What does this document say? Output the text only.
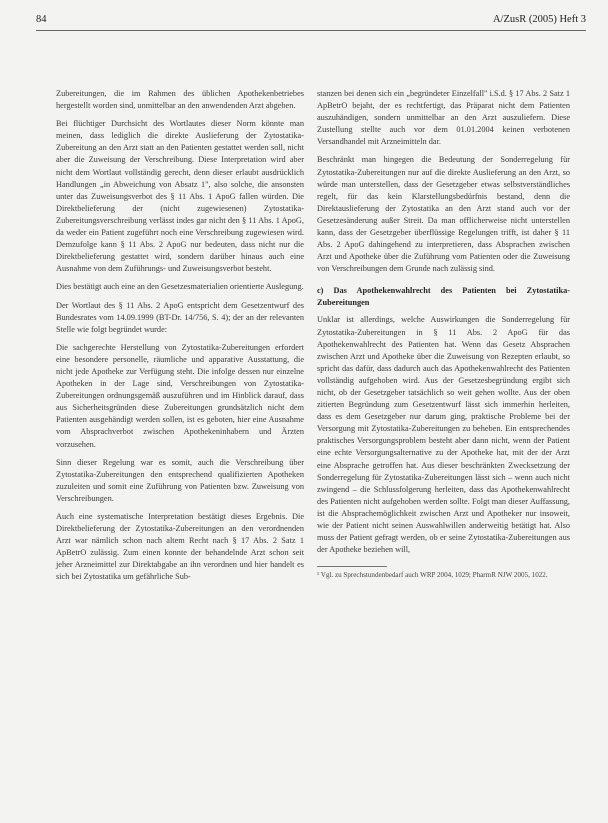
84	A/ZusR (2005) Heft 3

Zubereitungen, die im Rahmen des üblichen Apothekenbetriebes hergestellt worden sind, unmittelbar an den anwendenden Arzt abgeben.

Bei flüchtiger Durchsicht des Wortlautes dieser Norm könnte man meinen, dass lediglich die direkte Auslieferung der Zytostatika-Zubereitung an den Arzt statt an den Patienten gestattet werden soll, nicht aber die Zuweisung der Verschreibung. Diese Interpretation wird aber nicht dem Wortlaut vollständig gerecht, denn dieser erlaubt ausdrücklich Handlungen „in Abweichung von Absatz 1", also solche, die ansonsten unter das Zuweisungsverbot des § 11 Abs. 1 ApoG fallen würden. Die Direktbelieferung der (nicht zugewiesenen) Zytostatika-Zubereitungsverschreibung verlässt indes gar nicht den § 11 Abs. 1 ApoG, da weder ein Patient zugeführt noch eine Verschreibung zugewiesen wird. Demzufolge kann § 11 Abs. 2 ApoG nur bedeuten, dass nicht nur die Direktbelieferung gestattet wird, sondern darüber hinaus auch eine Ausnahme von dem Zuführungs- und Zuweisungsverbot besteht.

Dies bestätigt auch eine an den Gesetzesmaterialien orientierte Auslegung.

Der Wortlaut des § 11 Abs. 2 ApoG entspricht dem Gesetzentwurf des Bundesrates vom 14.09.1999 (BT-Dr. 14/756, S. 4); der an der relevanten Stelle wie folgt begründet wurde:

Die sachgerechte Herstellung von Zytostatika-Zubereitungen erfordert eine besondere personelle, räumliche und apparative Ausstattung, die nicht jede Apotheke zur Verfügung steht. Die infolge dessen nur einzelne Apotheken in der Lage sind, Verschreibungen von Zytostatika-Zubereitungen ordnungsgemäß auszuführen und im Hinblick darauf, dass aus Sicherheitsgründen diese Zubereitungen grundsätzlich nicht dem Patienten ausgehändigt werden sollen, ist es geboten, hier eine Ausnahme vom Absprachverbot zwischen Apothekeninhabern und Ärzten vorzusehen.

Sinn dieser Regelung war es somit, auch die Verschreibung über Zytostatika-Zubereitungen den entsprechend qualifizierten Apotheken zuzuleiten und somit eine Zuführung von Patienten bzw. Zuweisung von Verschreibungen.

Auch eine systematische Interpretation bestätigt dieses Ergebnis. Die Direktbelieferung der Zytostatika-Zubereitungen an den verordnenden Arzt war nämlich schon nach altem Recht nach § 17 Abs. 2 Satz 1 ApBetrO zulässig. Zum einen konnte der behandelnde Arzt schon seit jeher Arzneimittel zur Direktabgabe an ihn verordnen und hier handelt es sich bei Zytostatika um gefährliche Sub-

stanzen bei denen sich ein „begründeter Einzelfall" i.S.d. § 17 Abs. 2 Satz 1 ApBetrO bejaht, der es rechtfertigt, das Präparat nicht dem Patienten auszuhändigen, sondern unmittelbar an den Arzt auszuliefern. Diese Zustellung stellte auch vor dem 01.01.2004 keinen verbotenen Versandhandel mit Arzneimitteln dar.

Beschränkt man hingegen die Bedeutung der Sonderregelung für Zytostatika-Zubereitungen nur auf die direkte Auslieferung an den Arzt, so würde man unterstellen, dass der Gesetzgeber etwas selbstverständliches regelt, für das kein Klarstellungsbedürfnis bestand, denn die Direktauslieferung der Zytostatika an den Arzt stand auch vor der Gesetzesänderung außer Streit. Da man offlicherweise nicht unterstellen kann, dass der Gesetzgeber überflüssige Regelungen trifft, ist daher § 11 Abs. 2 ApoG dahingehend zu interpretieren, dass Absprachen zwischen Arzt und Apotheke über die Zuführung vom Patienten oder die Zuweisung von Verschreibungen dem Grunde nach zulässig sind.

c) Das Apothekenwahlrecht des Patienten bei Zytostatika-Zubereitungen

Unklar ist allerdings, welche Auswirkungen die Sonderregelung für Zytostatika-Zubereitungen in § 11 Abs. 2 ApoG für das Apothekenwahlrecht des Patienten hat. Wenn das Gesetz Absprachen zwischen Arzt und Apotheke über die Zuweisung von Rezepten erlaubt, so spricht das dafür, dass dadurch auch das Apothekenwahlrecht des Patienten vollständig aufgehoben wird. Aus der Gesetzesbegründung ergibt sich nicht, ob der Gesetzgeber tatsächlich so weit gehen wollte. Aus der oben zitierten Begründung zum Gesetzentwurf lässt sich immerhin herleiten, dass es dem Gesetzgeber nur darum ging, praktische Probleme bei der Versorgung mit Zytostatika-Zubereitungen zu beheben. Ein entsprechendes praktisches Versorgungsproblem besteht aber dann nicht, wenn der Patient eine echte Versorgungsalternative zu der Apotheke hat, mit der der Arzt eine Absprache getroffen hat. Aus dieser beschränkten Zwecksetzung der Sonderregelung für Zytostatika-Zubereitungen lässt sich – wenn auch nicht zwingend – die Schlussfolgerung herleiten, dass das Apothekenwahlrecht des Patienten nicht aufgehoben werden sollte. Folgt man dieser Auffassung, ist die Absprachemöglichkeit zwischen Arzt und Apotheker nur insoweit, wie der Patient nicht seinen Auswahlwillen anderweitig betätigt hat. Also muss der Patient gefragt werden, ob er seine Zytostatika-Zubereitungen aus der Apotheke beziehen will,

¹ Vgl. zu Sprechstundenbedarf auch WRP 2004, 1029; PharmR NJW 2005, 1022.
